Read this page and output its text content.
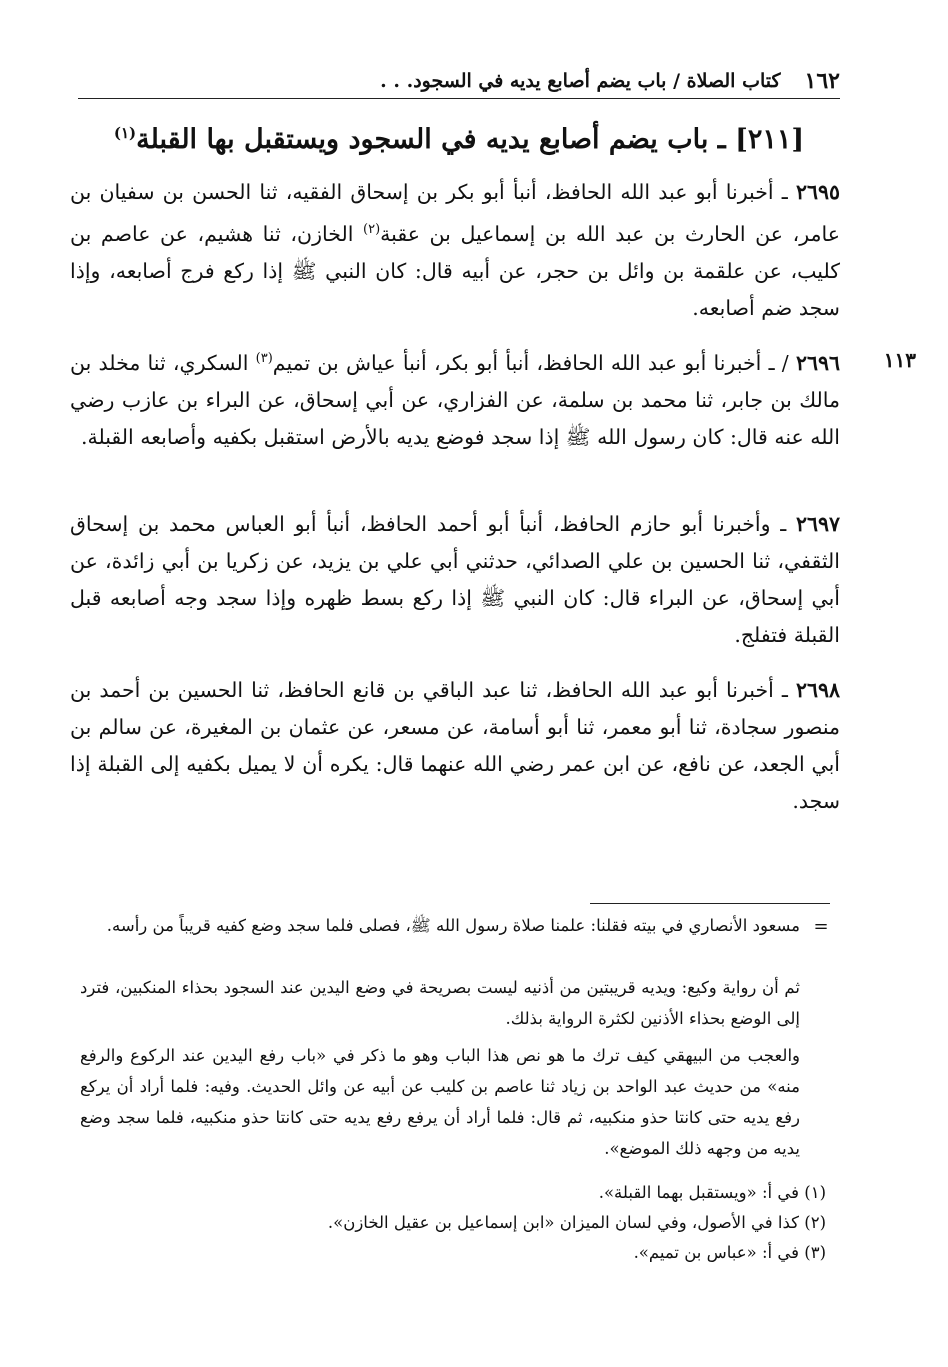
١٦٢
كتاب الصلاة / باب يضم أصابع يديه في السجود. . .
[٢١١] ـ باب يضم أصابع يديه في السجود ويستقبل بها القبلة$^{(١)}$
٢٦٩٥ ـ أخبرنا أبو عبد الله الحافظ، أنبأ أبو بكر بن إسحاق الفقيه، ثنا الحسن بن سفيان بن عامر، عن الحارث بن عبد الله بن إسماعيل بن عقبة$^{(٢)}$ الخازن، ثنا هشيم، عن عاصم بن كليب، عن علقمة بن وائل بن حجر، عن أبيه قال: كان النبي ﷺ إذا ركع فرج أصابعه، وإذا سجد ضم أصابعه.
١١٣
٢٦٩٦ / ـ أخبرنا أبو عبد الله الحافظ، أنبأ أبو بكر، أنبأ عياش بن تميم$^{(٣)}$ السكري، ثنا مخلد بن مالك بن جابر، ثنا محمد بن سلمة، عن الفزاري، عن أبي إسحاق، عن البراء بن عازب رضي الله عنه قال: كان رسول الله ﷺ إذا سجد فوضع يديه بالأرض استقبل بكفيه وأصابعه القبلة.
٢٦٩٧ ـ وأخبرنا أبو حازم الحافظ، أنبأ أبو أحمد الحافظ، أنبأ أبو العباس محمد بن إسحاق الثقفي، ثنا الحسين بن علي الصدائي، حدثني أبي علي بن يزيد، عن زكريا بن أبي زائدة، عن أبي إسحاق، عن البراء قال: كان النبي ﷺ إذا ركع بسط ظهره وإذا سجد وجه أصابعه قبل القبلة فتفلج.
٢٦٩٨ ـ أخبرنا أبو عبد الله الحافظ، ثنا عبد الباقي بن قانع الحافظ، ثنا الحسين بن أحمد بن منصور سجادة، ثنا أبو معمر، ثنا أبو أسامة، عن مسعر، عن عثمان بن المغيرة، عن سالم بن أبي الجعد، عن نافع، عن ابن عمر رضي الله عنهما قال: يكره أن لا يميل بكفيه إلى القبلة إذا سجد.
=
مسعود الأنصاري في بيته فقلنا: علمنا صلاة رسول الله ﷺ، فصلى فلما سجد وضع كفيه قريباً من رأسه.
ثم أن رواية وكيع: ويديه قريبتين من أذنيه ليست بصريحة في وضع اليدين عند السجود بحذاء المنكبين، فترد إلى الوضع بحذاء الأذنين لكثرة الرواية بذلك.
والعجب من البيهقي كيف ترك ما هو نص هذا الباب وهو ما ذكر في «باب رفع اليدين عند الركوع والرفع منه» من حديث عبد الواحد بن زياد ثنا عاصم بن كليب عن أبيه عن وائل الحديث. وفيه: فلما أراد أن يركع رفع يديه حتى كانتا حذو منكبيه، ثم قال: فلما أراد أن يرفع رفع يديه حتى كانتا حذو منكبيه، فلما سجد وضع يديه من وجهه ذلك الموضع».
(١) في أ: «ويستقبل بهما القبلة».
(٢) كذا في الأصول، وفي لسان الميزان «ابن إسماعيل بن عقيل الخازن».
(٣) في أ: «عباس بن تميم».
